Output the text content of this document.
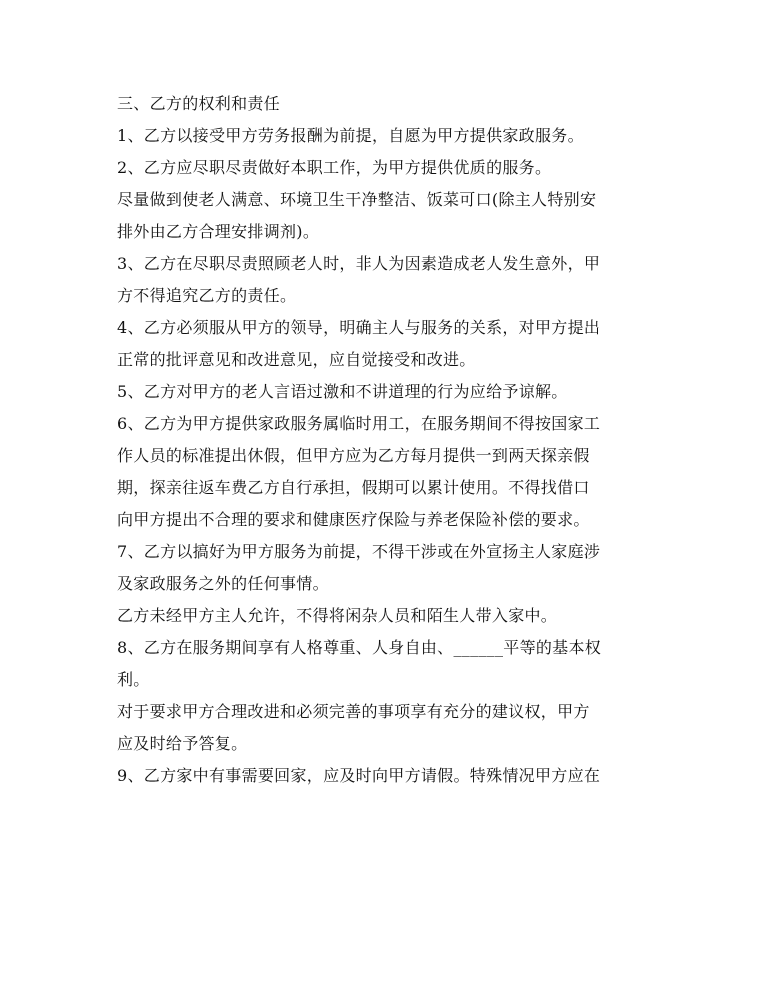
三、乙方的权利和责任
1、乙方以接受甲方劳务报酬为前提，自愿为甲方提供家政服务。
2、乙方应尽职尽责做好本职工作，为甲方提供优质的服务。
尽量做到使老人满意、环境卫生干净整洁、饭菜可口(除主人特别安
排外由乙方合理安排调剂)。
3、乙方在尽职尽责照顾老人时，非人为因素造成老人发生意外，甲
方不得追究乙方的责任。
4、乙方必须服从甲方的领导，明确主人与服务的关系，对甲方提出
正常的批评意见和改进意见，应自觉接受和改进。
5、乙方对甲方的老人言语过激和不讲道理的行为应给予谅解。
6、乙方为甲方提供家政服务属临时用工，在服务期间不得按国家工
作人员的标准提出休假，但甲方应为乙方每月提供一到两天探亲假
期，探亲往返车费乙方自行承担，假期可以累计使用。不得找借口
向甲方提出不合理的要求和健康医疗保险与养老保险补偿的要求。
7、乙方以搞好为甲方服务为前提，不得干涉或在外宣扬主人家庭涉
及家政服务之外的任何事情。
乙方未经甲方主人允许，不得将闲杂人员和陌生人带入家中。
8、乙方在服务期间享有人格尊重、人身自由、______平等的基本权
利。
对于要求甲方合理改进和必须完善的事项享有充分的建议权，甲方
应及时给予答复。
9、乙方家中有事需要回家，应及时向甲方请假。特殊情况甲方应在
